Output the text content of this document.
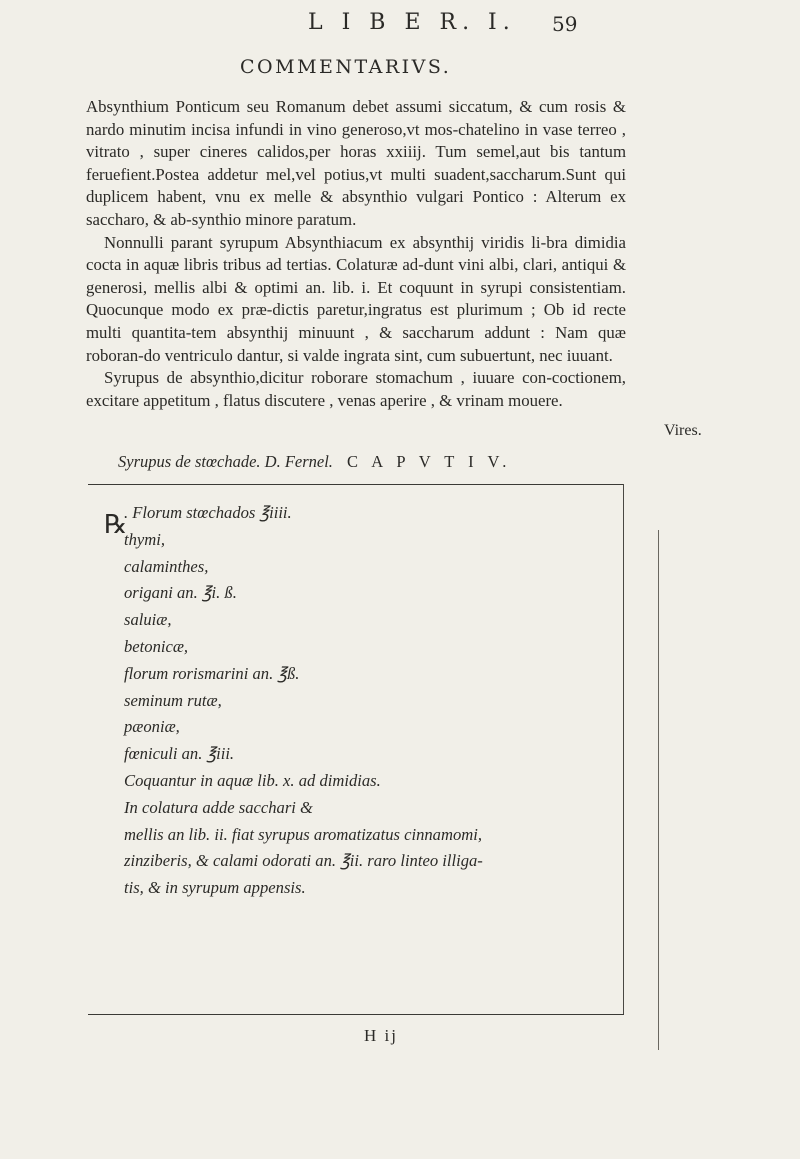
L I B E R. I. 59
COMMENTARIVS.

Absynthium Ponticum seu Romanum debet assumi siccatum, & cum rosis & nardo minutim incisa infundi in vino generoso,vt mos-chatelino in vase terreo , vitrato , super cineres calidos,per horas xxiiij. Tum semel,aut bis tantum feruefient.Postea addetur mel,vel potius,vt multi suadent,saccharum.Sunt qui duplicem habent, vnu ex melle & absynthio vulgari Pontico : Alterum ex saccharo, & ab-synthio minore paratum.

Nonnulli parant syrupum Absynthiacum ex absynthij viridis li-bra dimidia cocta in aquæ libris tribus ad tertias. Colaturæ ad-dunt vini albi, clari, antiqui & generosi, mellis albi & optimi an. lib. i. Et coquunt in syrupi consistentiam. Quocunque modo ex præ-dictis paretur,ingratus est plurimum ; Ob id recte multi quantita-tem absynthij minuunt , & saccharum addunt : Nam quæ roboran-do ventriculo dantur, si valde ingrata sint, cum subuertunt, nec iuuant.

Syrupus de absynthio,dicitur roborare stomachum , iuuare con-coctionem, excitare appetitum , flatus discutere , venas aperire , & vrinam mouere.

Vires.
Syrupus de stœchade. D. Fernel. C A P V T I V.
℞
. Florum stœchados ℥iiii.
thymi,
calaminthes,
origani an. ℥i. ß.
saluiæ,
betonicæ,
florum rorismarini an. ℥ß.
seminum rutæ,
pæoniæ,
fœniculi an. ℥iii.
Coquantur in aquæ lib. x. ad dimidias.
In colatura adde sacchari &
mellis an lib. ii. fiat syrupus aromatizatus cinnamomi,
zinziberis, & calami odorati an. ℥ii. raro linteo illiga-
tis, & in syrupum appensis.
H ij
